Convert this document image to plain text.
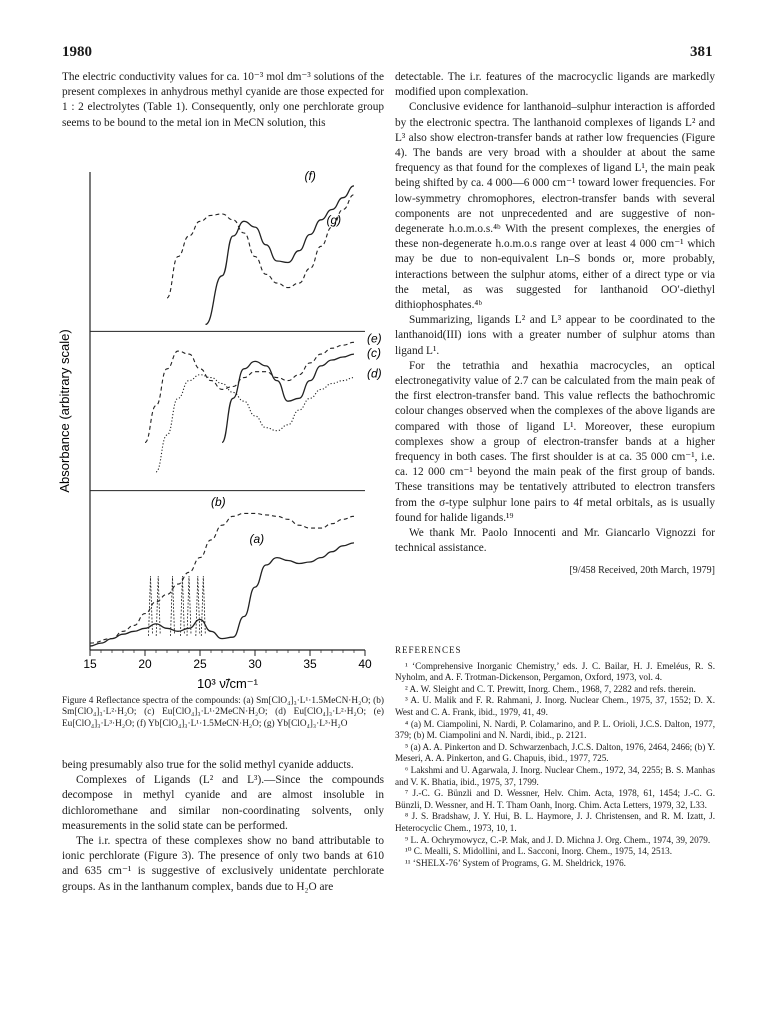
1980	381

The electric conductivity values for ca. 10⁻³ mol dm⁻³ solutions of the present complexes in anhydrous methyl cyanide are those expected for 1 : 2 electrolytes (Table 1). Consequently, only one perchlorate group seems to be bound to the metal ion in MeCN solution, this

15	20	25	30	35	40
10³ ν̃/cm⁻¹
Absorbance (arbitrary scale)
(f)
(g)
(e)
(c)
(d)
(b)
(a)
Figure 4 Reflectance spectra of the compounds: (a) Sm[ClO₄]₃·L¹·1.5MeCN·H₂O; (b) Sm[ClO₄]₃·L²·H₂O; (c) Eu[ClO₄]₃·L¹·2MeCN·H₂O; (d) Eu[ClO₄]₃·L²·H₂O; (e) Eu[ClO₄]₃·L³·H₂O; (f) Yb[ClO₄]₃·L¹·1.5MeCN·H₂O; (g) Yb[ClO₄]₃·L³·H₂O

being presumably also true for the solid methyl cyanide adducts.

Complexes of Ligands (L² and L³).—Since the compounds decompose in methyl cyanide and are almost insoluble in dichloromethane and similar non-coordinating solvents, only measurements in the solid state can be performed.

The i.r. spectra of these complexes show no band attributable to ionic perchlorate (Figure 3). The presence of only two bands at 610 and 635 cm⁻¹ is suggestive of exclusively unidentate perchlorate groups. As in the lanthanum complex, bands due to H₂O are

detectable. The i.r. features of the macrocyclic ligands are markedly modified upon complexation.

Conclusive evidence for lanthanoid–sulphur interaction is afforded by the electronic spectra. The lanthanoid complexes of ligands L² and L³ also show electron-transfer bands at rather low frequencies (Figure 4). The bands are very broad with a shoulder at about the same frequency as that found for the complexes of ligand L¹, the main peak being shifted by ca. 4 000—6 000 cm⁻¹ toward lower frequencies. For low-symmetry chromophores, electron-transfer bands with several components are not unprecedented and are suggestive of non-degenerate h.o.m.o.s.⁴ᵇ With the present complexes, the energies of these non-degenerate h.o.m.o.s range over at least 4 000 cm⁻¹ which may be due to non-equivalent Ln–S bonds or, more probably, interactions between the sulphur atoms, either of a direct type or via the metal, as was suggested for lanthanoid OO′-diethyl dithiophosphates.⁴ᵇ

Summarizing, ligands L² and L³ appear to be coordinated to the lanthanoid(III) ions with a greater number of sulphur atoms than ligand L¹.

For the tetrathia and hexathia macrocycles, an optical electronegativity value of 2.7 can be calculated from the main peak of the first electron-transfer band. This value reflects the bathochromic colour changes observed when the complexes of the above ligands are compared with those of ligand L¹. Moreover, these europium complexes show a group of electron-transfer bands at a higher frequency in both cases. The first shoulder is at ca. 35 000 cm⁻¹, i.e. ca. 12 000 cm⁻¹ beyond the main peak of the first group of bands. These transitions may be tentatively attributed to electron transfers from the σ-type sulphur lone pairs to 4f metal orbitals, as is usually found for halide ligands.¹⁹

We thank Mr. Paolo Innocenti and Mr. Giancarlo Vignozzi for technical assistance.

[9/458 Received, 20th March, 1979]
REFERENCES

¹ ‘Comprehensive Inorganic Chemistry,’ eds. J. C. Bailar, H. J. Emeléus, R. S. Nyholm, and A. F. Trotman-Dickenson, Pergamon, Oxford, 1973, vol. 4.

² A. W. Sleight and C. T. Prewitt, Inorg. Chem., 1968, 7, 2282 and refs. therein.

³ A. U. Malik and F. R. Rahmani, J. Inorg. Nuclear Chem., 1975, 37, 1552; D. X. West and C. A. Frank, ibid., 1979, 41, 49.

⁴ (a) M. Ciampolini, N. Nardi, P. Colamarino, and P. L. Orioli, J.C.S. Dalton, 1977, 379; (b) M. Ciampolini and N. Nardi, ibid., p. 2121.

⁵ (a) A. A. Pinkerton and D. Schwarzenbach, J.C.S. Dalton, 1976, 2464, 2466; (b) Y. Meseri, A. A. Pinkerton, and G. Chapuis, ibid., 1977, 725.

⁶ Lakshmi and U. Agarwala, J. Inorg. Nuclear Chem., 1972, 34, 2255; B. S. Manhas and V. K. Bhatia, ibid., 1975, 37, 1799.

⁷ J.-C. G. Bünzli and D. Wessner, Helv. Chim. Acta, 1978, 61, 1454; J.-C. G. Bünzli, D. Wessner, and H. T. Tham Oanh, Inorg. Chim. Acta Letters, 1979, 32, L33.

⁸ J. S. Bradshaw, J. Y. Hui, B. L. Haymore, J. J. Christensen, and R. M. Izatt, J. Heterocyclic Chem., 1973, 10, 1.

⁹ L. A. Ochrymowycz, C.-P. Mak, and J. D. Michna J. Org. Chem., 1974, 39, 2079.

¹⁰ C. Mealli, S. Midollini, and L. Sacconi, Inorg. Chem., 1975, 14, 2513.

¹¹ ‘SHELX-76’ System of Programs, G. M. Sheldrick, 1976.
